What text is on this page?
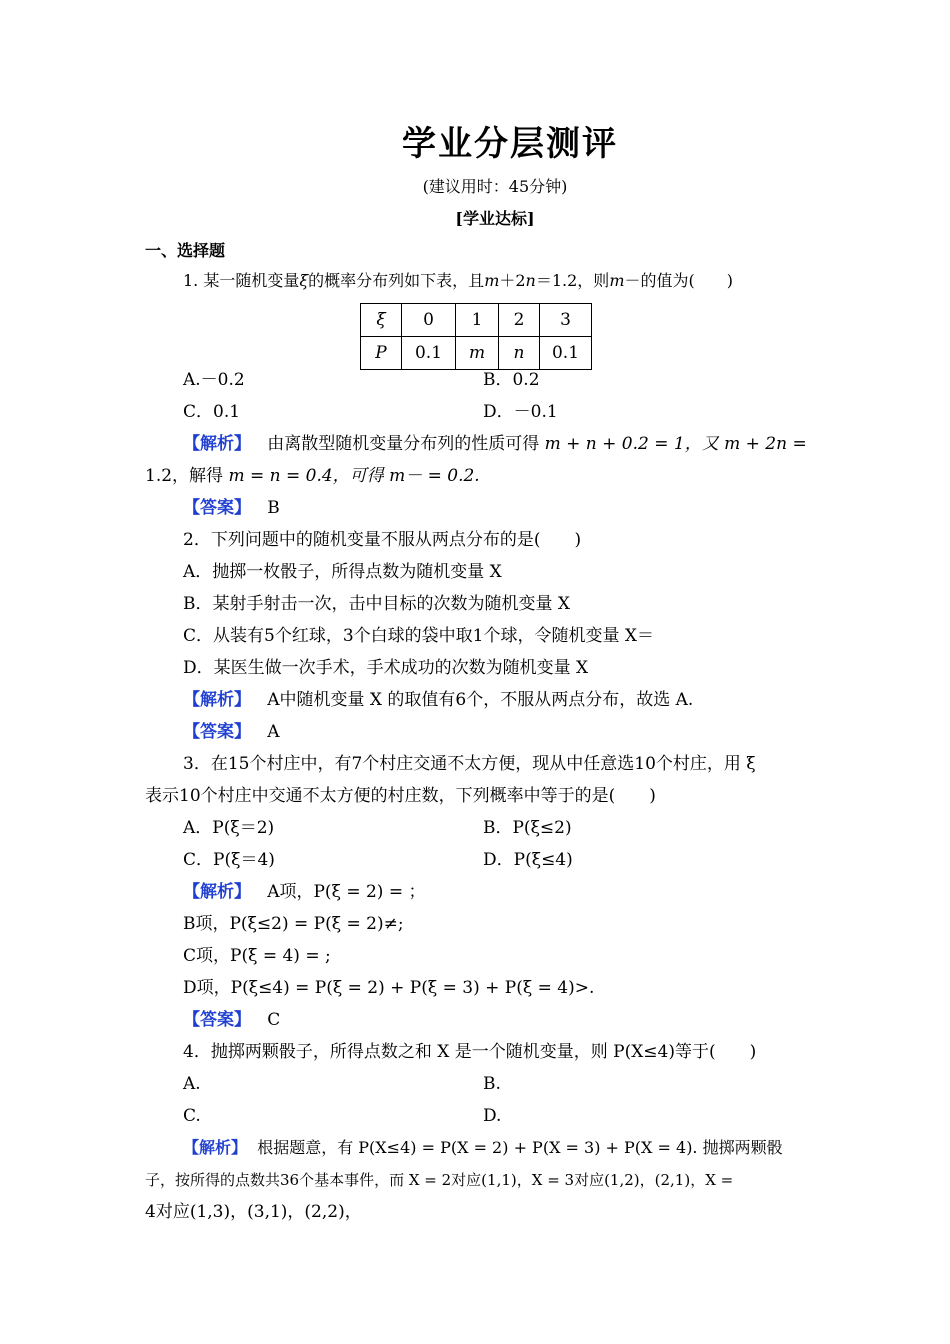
学业分层测评
(建议用时：45分钟)
[学业达标]
一、选择题
1. 某一随机变量ξ的概率分布列如下表，且m＋2n＝1.2，则m－的值为(　　)
ξ	0	1	2	3
P	0.1	m	n	0.1
A.－0.2	B．0.2
C．0.1	D．－0.1
【解析】 由离散型随机变量分布列的性质可得 m + n + 0.2 = 1，又 m + 2n =
1.2，解得 m = n = 0.4，可得 m－ = 0.2.
【答案】 B
2．下列问题中的随机变量不服从两点分布的是(　　)
A．抛掷一枚骰子，所得点数为随机变量 X
B．某射手射击一次，击中目标的次数为随机变量 X
C．从装有5个红球，3个白球的袋中取1个球，令随机变量 X＝
D．某医生做一次手术，手术成功的次数为随机变量 X
【解析】 A中随机变量 X 的取值有6个，不服从两点分布，故选 A.
【答案】 A
3．在15个村庄中，有7个村庄交通不太方便，现从中任意选10个村庄，用 ξ
表示10个村庄中交通不太方便的村庄数，下列概率中等于的是(　　)
A．P(ξ＝2)	B．P(ξ≤2)
C．P(ξ＝4)	D．P(ξ≤4)
【解析】 A项，P(ξ = 2) = ；
B项，P(ξ≤2) = P(ξ = 2)≠;
C项，P(ξ = 4) = ;
D项，P(ξ≤4) = P(ξ = 2) + P(ξ = 3) + P(ξ = 4)>.
【答案】 C
4．抛掷两颗骰子，所得点数之和 X 是一个随机变量，则 P(X≤4)等于(　　)
A.	B.
C.	D.
【解析】 根据题意，有 P(X≤4) = P(X = 2) + P(X = 3) + P(X = 4). 抛掷两颗骰
子，按所得的点数共36个基本事件，而 X = 2对应(1,1)，X = 3对应(1,2)，(2,1)，X =
4对应(1,3)，(3,1)，(2,2)，
